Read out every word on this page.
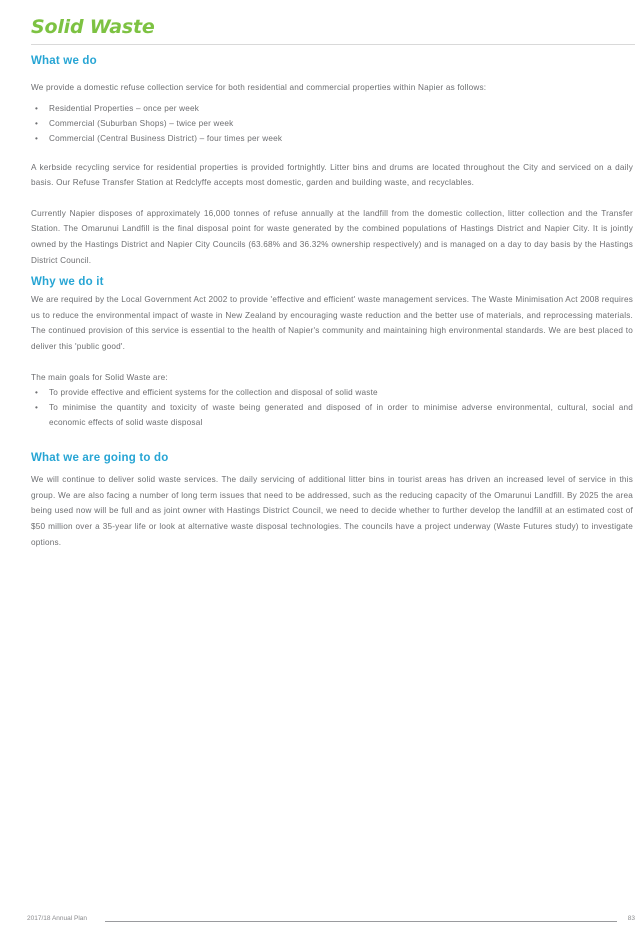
Solid Waste
What we do

We provide a domestic refuse collection service for both residential and commercial properties within Napier as follows:

• Residential Properties – once per week
• Commercial (Suburban Shops) – twice per week
• Commercial (Central Business District) – four times per week

A kerbside recycling service for residential properties is provided fortnightly. Litter bins and drums are located throughout the City and serviced on a daily basis. Our Refuse Transfer Station at Redclyffe accepts most domestic, garden and building waste, and recyclables.

Currently Napier disposes of approximately 16,000 tonnes of refuse annually at the landfill from the domestic collection, litter collection and the Transfer Station. The Omarunui Landfill is the final disposal point for waste generated by the combined populations of Hastings District and Napier City. It is jointly owned by the Hastings District and Napier City Councils (63.68% and 36.32% ownership respectively) and is managed on a day to day basis by the Hastings District Council.

Why we do it

We are required by the Local Government Act 2002 to provide 'effective and efficient' waste management services. The Waste Minimisation Act 2008 requires us to reduce the environmental impact of waste in New Zealand by encouraging waste reduction and the better use of materials, and reprocessing materials. The continued provision of this service is essential to the health of Napier's community and maintaining high environmental standards. We are best placed to deliver this 'public good'.

The main goals for Solid Waste are:

• To provide effective and efficient systems for the collection and disposal of solid waste
• To minimise the quantity and toxicity of waste being generated and disposed of in order to minimise adverse environmental, cultural, social and economic effects of solid waste disposal
What we are going to do

We will continue to deliver solid waste services. The daily servicing of additional litter bins in tourist areas has driven an increased level of service in this group. We are also facing a number of long term issues that need to be addressed, such as the reducing capacity of the Omarunui Landfill. By 2025 the area being used now will be full and as joint owner with Hastings District Council, we need to decide whether to further develop the landfill at an estimated cost of $50 million over a 35-year life or look at alternative waste disposal technologies. The councils have a project underway (Waste Futures study) to investigate options.

2017/18 Annual Plan	83
